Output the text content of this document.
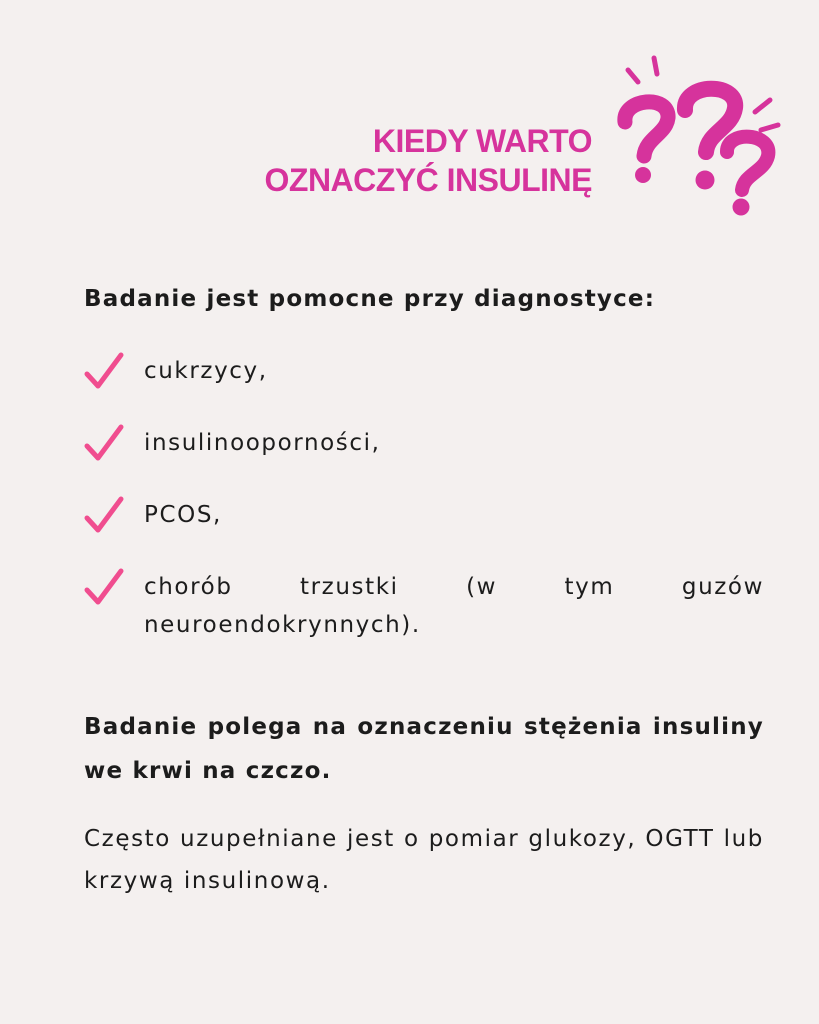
KIEDY WARTO
OZNACZYĆ INSULINĘ
Badanie jest pomocne przy diagnostyce:
cukrzycy,
insulinooporności,
PCOS,
chorób trzustki (w tym guzów neuroendokrynnych).
Badanie polega na oznaczeniu stężenia insuliny we krwi na czczo.
Często uzupełniane jest o pomiar glukozy, OGTT lub krzywą insulinową.
